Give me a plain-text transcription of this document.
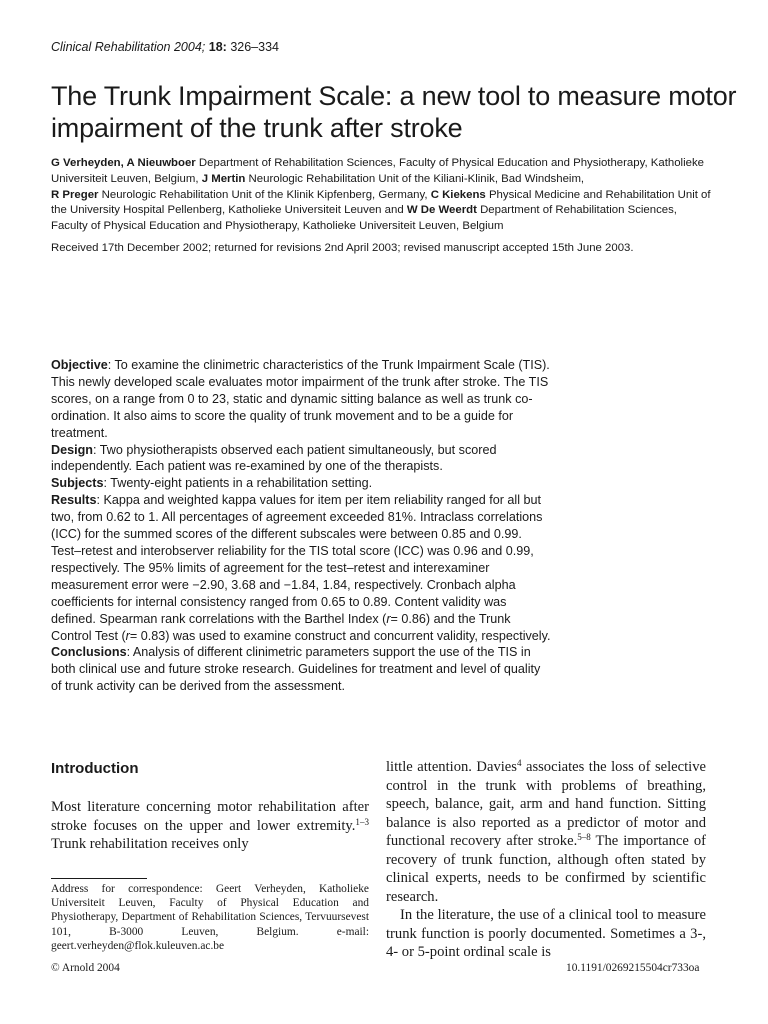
Clinical Rehabilitation 2004; 18: 326–334
The Trunk Impairment Scale: a new tool to measure motor impairment of the trunk after stroke
G Verheyden, A Nieuwboer Department of Rehabilitation Sciences, Faculty of Physical Education and Physiotherapy, Katholieke Universiteit Leuven, Belgium, J Mertin Neurologic Rehabilitation Unit of the Kiliani-Klinik, Bad Windsheim,
R Preger Neurologic Rehabilitation Unit of the Klinik Kipfenberg, Germany, C Kiekens Physical Medicine and Rehabilitation Unit of the University Hospital Pellenberg, Katholieke Universiteit Leuven and W De Weerdt Department of Rehabilitation Sciences, Faculty of Physical Education and Physiotherapy, Katholieke Universiteit Leuven, Belgium
Received 17th December 2002; returned for revisions 2nd April 2003; revised manuscript accepted 15th June 2003.

Objective: To examine the clinimetric characteristics of the Trunk Impairment Scale (TIS). This newly developed scale evaluates motor impairment of the trunk after stroke. The TIS scores, on a range from 0 to 23, static and dynamic sitting balance as well as trunk co-ordination. It also aims to score the quality of trunk movement and to be a guide for treatment.

Design: Two physiotherapists observed each patient simultaneously, but scored independently. Each patient was re-examined by one of the therapists.

Subjects: Twenty-eight patients in a rehabilitation setting.

Results: Kappa and weighted kappa values for item per item reliability ranged for all but two, from 0.62 to 1. All percentages of agreement exceeded 81%. Intraclass correlations (ICC) for the summed scores of the different subscales were between 0.85 and 0.99. Test–retest and interobserver reliability for the TIS total score (ICC) was 0.96 and 0.99, respectively. The 95% limits of agreement for the test–retest and interexaminer measurement error were −2.90, 3.68 and −1.84, 1.84, respectively. Cronbach alpha coefficients for internal consistency ranged from 0.65 to 0.89. Content validity was defined. Spearman rank correlations with the Barthel Index (r= 0.86) and the Trunk Control Test (r= 0.83) was used to examine construct and concurrent validity, respectively.

Conclusions: Analysis of different clinimetric parameters support the use of the TIS in both clinical use and future stroke research. Guidelines for treatment and level of quality of trunk activity can be derived from the assessment.

Introduction

Most literature concerning motor rehabilitation after stroke focuses on the upper and lower extremity.$^{1-3}$ Trunk rehabilitation receives only

little attention. Davies$^4$ associates the loss of selective control in the trunk with problems of breathing, speech, balance, gait, arm and hand function. Sitting balance is also reported as a predictor of motor and functional recovery after stroke.$^{5-8}$ The importance of recovery of trunk function, although often stated by clinical experts, needs to be confirmed by scientific research.

In the literature, the use of a clinical tool to measure trunk function is poorly documented. Sometimes a 3-, 4- or 5-point ordinal scale is

Address for correspondence: Geert Verheyden, Katholieke Universiteit Leuven, Faculty of Physical Education and Physiotherapy, Department of Rehabilitation Sciences, Tervuursevest 101, B-3000 Leuven, Belgium. e-mail: geert.verheyden@flok.kuleuven.ac.be
© Arnold 2004	10.1191/0269215504cr733oa
